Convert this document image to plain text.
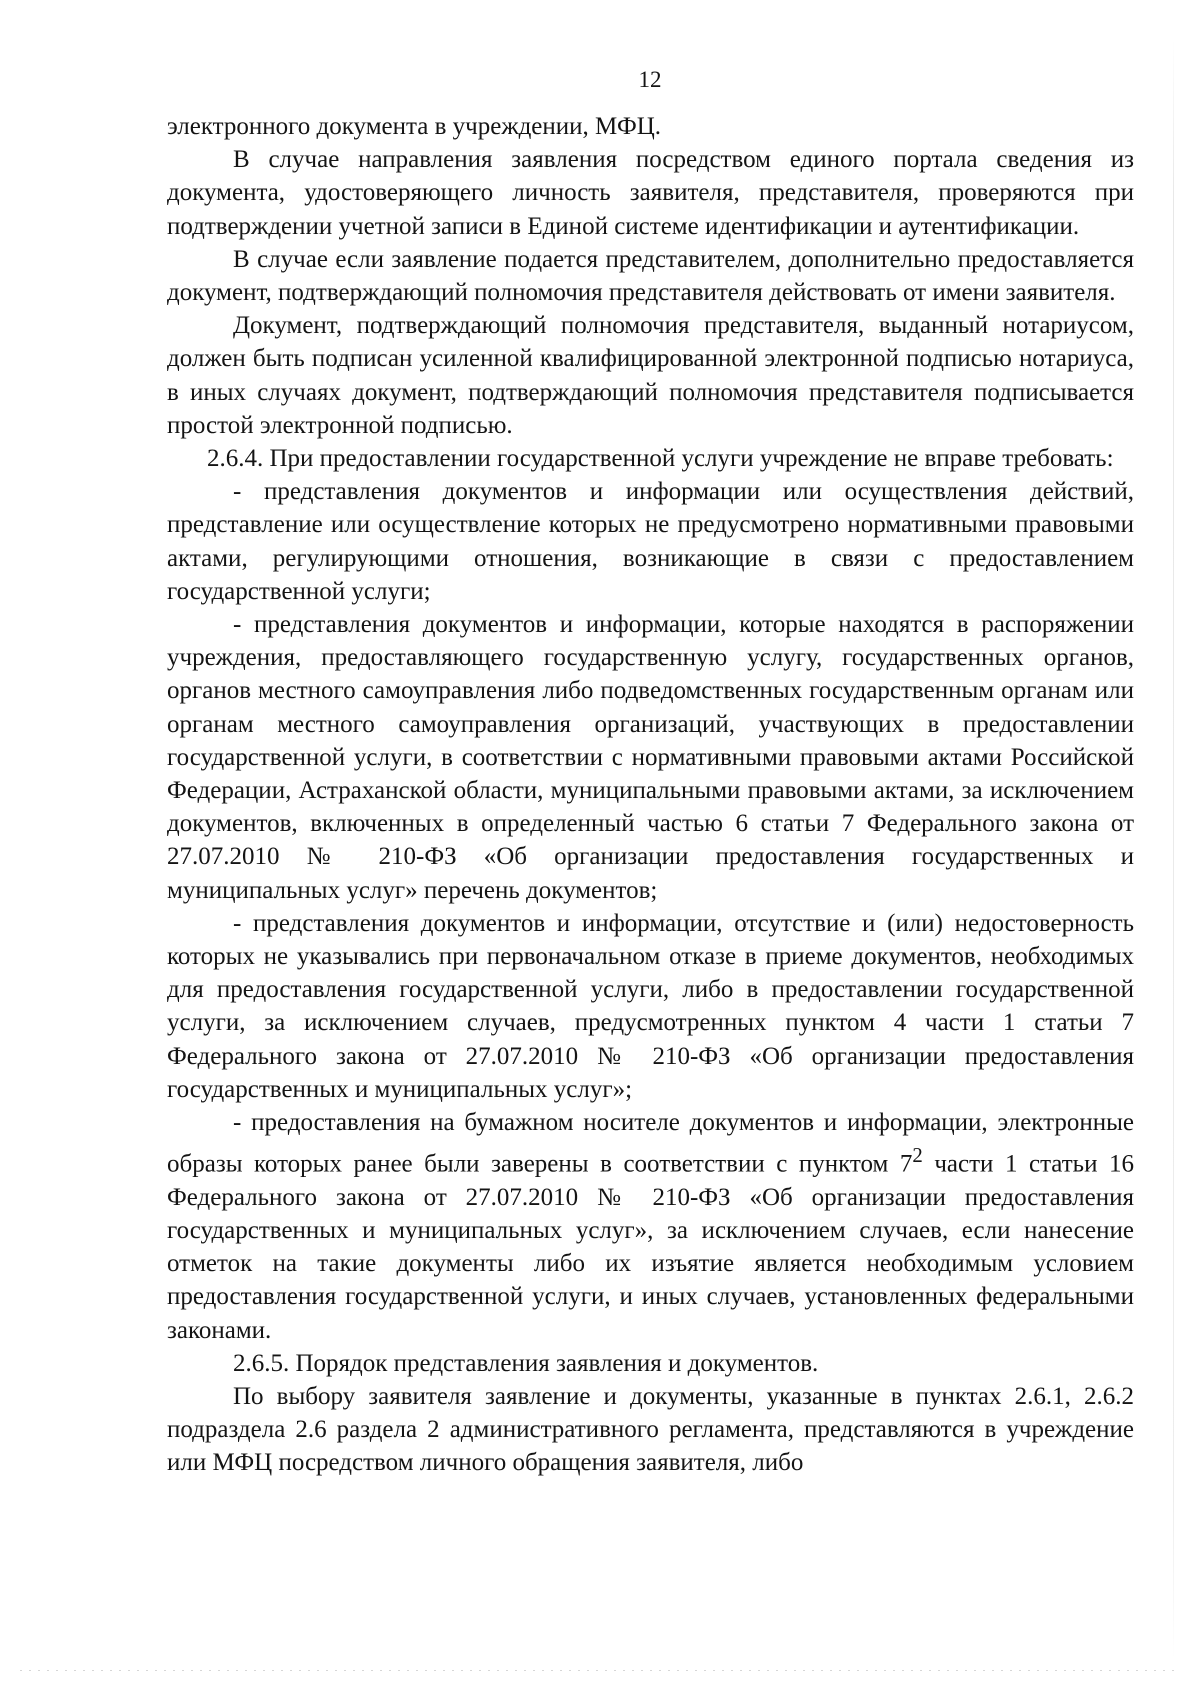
12

электронного документа в учреждении, МФЦ.

В случае направления заявления посредством единого портала сведения из документа, удостоверяющего личность заявителя, представителя, проверяются при подтверждении учетной записи в Единой системе идентификации и аутентификации.

В случае если заявление подается представителем, дополнительно предоставляется документ, подтверждающий полномочия представителя действовать от имени заявителя.

Документ, подтверждающий полномочия представителя, выданный нотариусом, должен быть подписан усиленной квалифицированной электронной подписью нотариуса, в иных случаях документ, подтверждающий полномочия представителя подписывается простой электронной подписью.

2.6.4. При предоставлении государственной услуги учреждение не вправе требовать:

- представления документов и информации или осуществления действий, представление или осуществление которых не предусмотрено нормативными правовыми актами, регулирующими отношения, возникающие в связи с предоставлением государственной услуги;

- представления документов и информации, которые находятся в распоряжении учреждения, предоставляющего государственную услугу, государственных органов, органов местного самоуправления либо подведомственных государственным органам или органам местного самоуправления организаций, участвующих в предоставлении государственной услуги, в соответствии с нормативными правовыми актами Российской Федерации, Астраханской области, муниципальными правовыми актами, за исключением документов, включенных в определенный частью 6 статьи 7 Федерального закона от 27.07.2010 № 210-ФЗ «Об организации предоставления государственных и муниципальных услуг» перечень документов;

- представления документов и информации, отсутствие и (или) недостоверность которых не указывались при первоначальном отказе в приеме документов, необходимых для предоставления государственной услуги, либо в предоставлении государственной услуги, за исключением случаев, предусмотренных пунктом 4 части 1 статьи 7 Федерального закона от 27.07.2010 № 210-ФЗ «Об организации предоставления государственных и муниципальных услуг»;

- предоставления на бумажном носителе документов и информации, электронные образы которых ранее были заверены в соответствии с пунктом $7^2$ части 1 статьи 16 Федерального закона от 27.07.2010 № 210-ФЗ «Об организации предоставления государственных и муниципальных услуг», за исключением случаев, если нанесение отметок на такие документы либо их изъятие является необходимым условием предоставления государственной услуги, и иных случаев, установленных федеральными законами.

2.6.5. Порядок представления заявления и документов.

По выбору заявителя заявление и документы, указанные в пунктах 2.6.1, 2.6.2 подраздела 2.6 раздела 2 административного регламента, представляются в учреждение или МФЦ посредством личного обращения заявителя, либо
